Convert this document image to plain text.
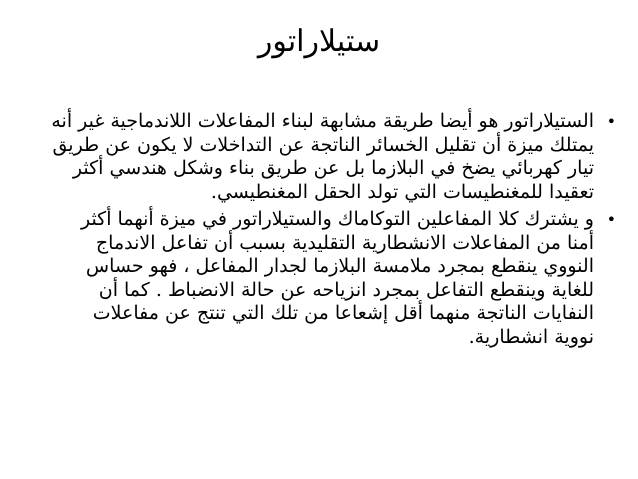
ستيلاراتور
•
الستيلاراتور هو أيضا طريقة مشابهة لبناء المفاعلات اللاندماجية غير أنه يمتلك ميزة أن تقليل الخسائر الناتجة عن التداخلات لا يكون عن طريق تيار كهربائي يضخ في البلازما بل عن طريق بناء وشكل هندسي أكثر تعقيدا للمغنطيسات التي تولد الحقل المغنطيسي.
•
و يشترك كلا المفاعلين التوكاماك والستيلاراتور في ميزة أنهما أكثر أمنا من المفاعلات الانشطارية التقليدية بسبب أن تفاعل الاندماج النووي ينقطع بمجرد ملامسة البلازما لجدار المفاعل ، فهو حساس للغاية وينقطع التفاعل بمجرد انزياحه عن حالة الانضباط . كما أن النفايات الناتجة منهما أقل إشعاعا من تلك التي تنتج عن مفاعلات نووية انشطارية.
